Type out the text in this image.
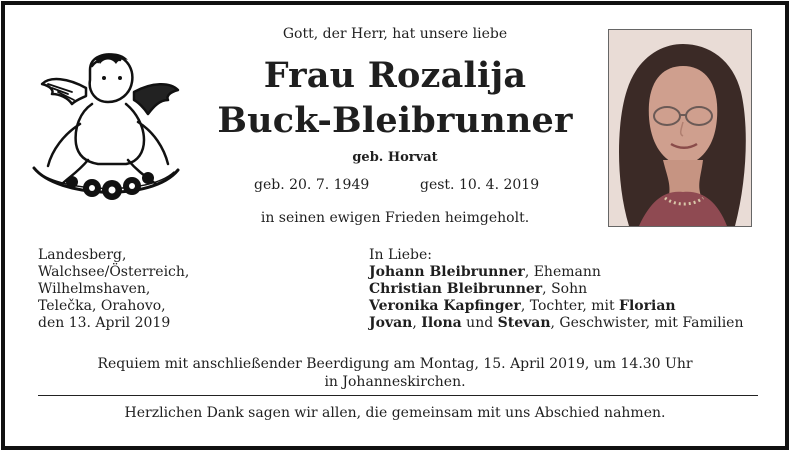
Gott, der Herr, hat unsere liebe
Frau Rozalija
Buck-Bleibrunner
geb. Horvat
geb. 20. 7. 1949	gest. 10. 4. 2019
in seinen ewigen Frieden heimgeholt.
Landesberg,
Walchsee/Österreich,
Wilhelmshaven,
Telečka, Orahovo,
den 13. April 2019
In Liebe:
Johann Bleibrunner, Ehemann
Christian Bleibrunner, Sohn
Veronika Kapfinger, Tochter, mit Florian
Jovan, Ilona und Stevan, Geschwister, mit Familien
Requiem mit anschließender Beerdigung am Montag, 15. April 2019, um 14.30 Uhr
in Johanneskirchen.
Herzlichen Dank sagen wir allen, die gemeinsam mit uns Abschied nahmen.
